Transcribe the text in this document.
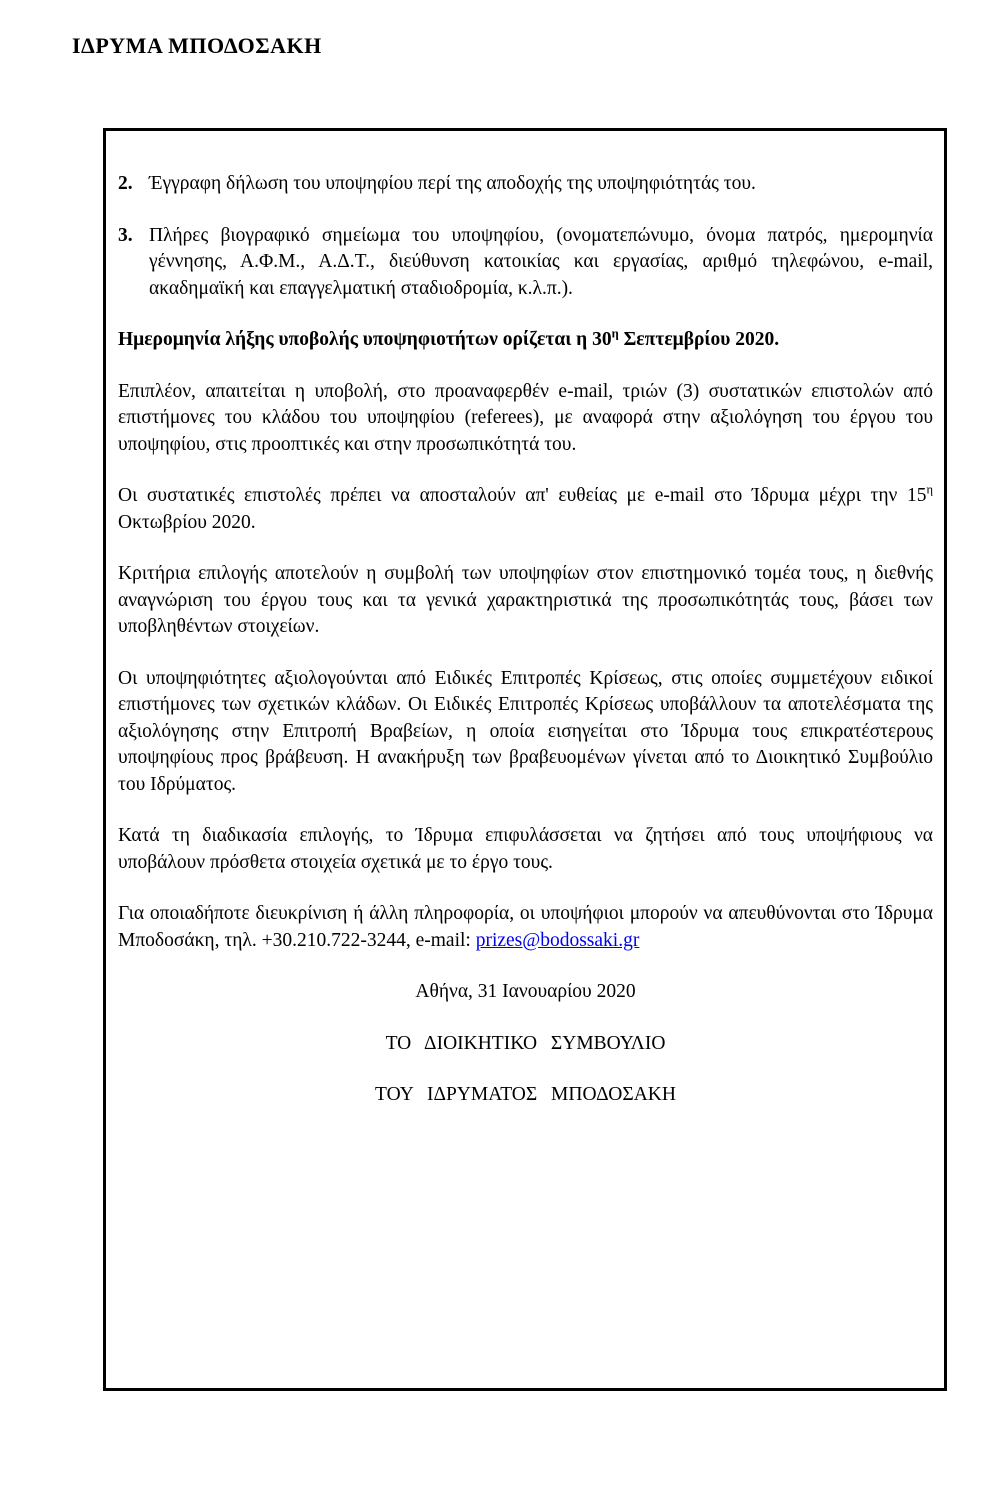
ΙΔΡΥΜΑ ΜΠΟΔΟΣΑΚΗ
2. Έγγραφη δήλωση του υποψηφίου περί της αποδοχής της υποψηφιότητάς του.
3. Πλήρες βιογραφικό σημείωμα του υποψηφίου, (ονοματεπώνυμο, όνομα πατρός, ημερομηνία γέννησης, Α.Φ.Μ., Α.Δ.Τ., διεύθυνση κατοικίας και εργασίας, αριθμό τηλεφώνου, e-mail, ακαδημαϊκή και επαγγελματική σταδιοδρομία, κ.λ.π.).

Ημερομηνία λήξης υποβολής υποψηφιοτήτων ορίζεται η $30^\eta$ Σεπτεμβρίου 2020.

Επιπλέον, απαιτείται η υποβολή, στο προαναφερθέν e-mail, τριών (3) συστατικών επιστολών από επιστήμονες του κλάδου του υποψηφίου (referees), με αναφορά στην αξιολόγηση του έργου του υποψηφίου, στις προοπτικές και στην προσωπικότητά του.

Οι συστατικές επιστολές πρέπει να αποσταλούν απ' ευθείας με e-mail στο Ίδρυμα μέχρι την $15^\eta$ Οκτωβρίου 2020.

Κριτήρια επιλογής αποτελούν η συμβολή των υποψηφίων στον επιστημονικό τομέα τους, η διεθνής αναγνώριση του έργου τους και τα γενικά χαρακτηριστικά της προσωπικότητάς τους, βάσει των υποβληθέντων στοιχείων.

Οι υποψηφιότητες αξιολογούνται από Ειδικές Επιτροπές Κρίσεως, στις οποίες συμμετέχουν ειδικοί επιστήμονες των σχετικών κλάδων. Οι Ειδικές Επιτροπές Κρίσεως υποβάλλουν τα αποτελέσματα της αξιολόγησης στην Επιτροπή Βραβείων, η οποία εισηγείται στο Ίδρυμα τους επικρατέστερους υποψηφίους προς βράβευση. Η ανακήρυξη των βραβευομένων γίνεται από το Διοικητικό Συμβούλιο του Ιδρύματος.

Κατά τη διαδικασία επιλογής, το Ίδρυμα επιφυλάσσεται να ζητήσει από τους υποψήφιους να υποβάλουν πρόσθετα στοιχεία σχετικά με το έργο τους.

Για οποιαδήποτε διευκρίνιση ή άλλη πληροφορία, οι υποψήφιοι μπορούν να απευθύνονται στο Ίδρυμα Μποδοσάκη, τηλ. +30.210.722-3244, e-mail: prizes@bodossaki.gr

Αθήνα, 31 Ιανουαρίου 2020

ΤΟ ΔΙΟΙΚΗΤΙΚΟ ΣΥΜΒΟΥΛΙΟ

ΤΟΥ ΙΔΡΥΜΑΤΟΣ ΜΠΟΔΟΣΑΚΗ
